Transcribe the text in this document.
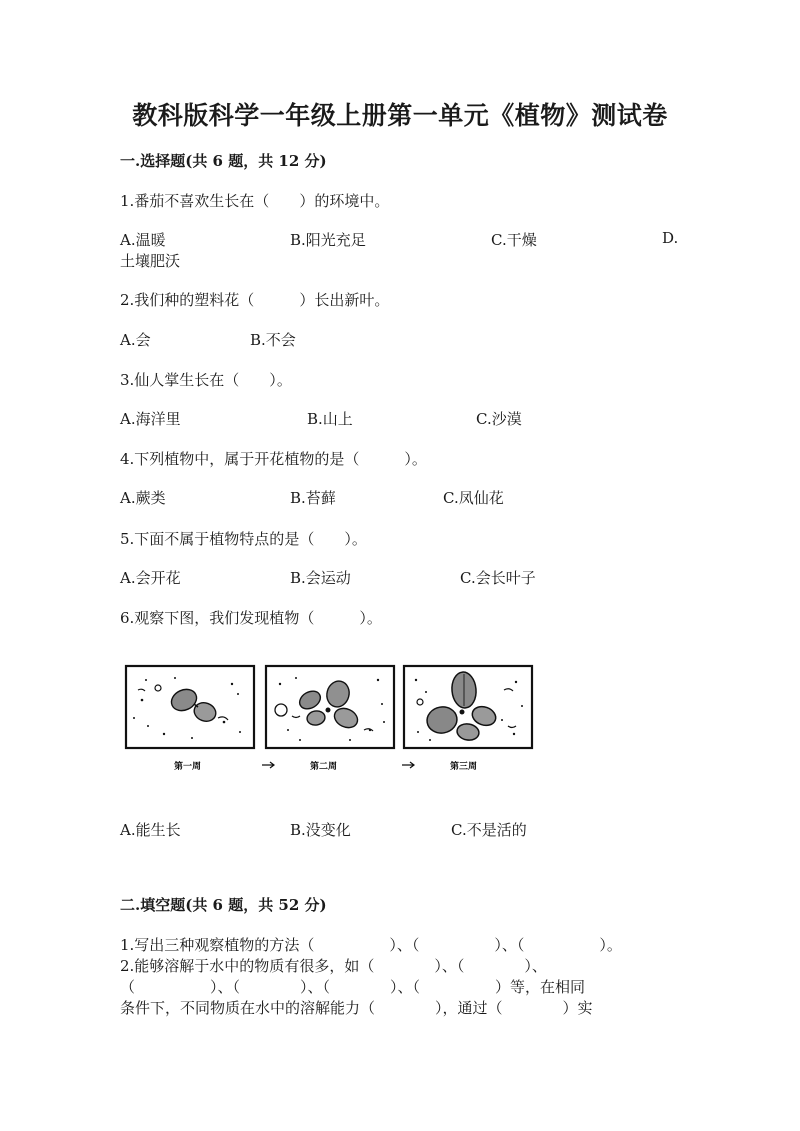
教科版科学一年级上册第一单元《植物》测试卷
一.选择题(共 6 题，共 12 分)
1.番茄不喜欢生长在（　　）的环境中。
A.温暖	B.阳光充足	C.干燥	D.
土壤肥沃
2.我们种的塑料花（　　　）长出新叶。
A.会	B.不会
3.仙人掌生长在（　　）。
A.海洋里	B.山上	C.沙漠
4.下列植物中，属于开花植物的是（　　　）。
A.蕨类	B.苔藓	C.凤仙花
5.下面不属于植物特点的是（　　）。
A.会开花	B.会运动	C.会长叶子
6.观察下图，我们发现植物（　　　）。
第一周	第二周	第三周
A.能生长	B.没变化	C.不是活的
二.填空题(共 6 题，共 52 分)
1.写出三种观察植物的方法（　　　　　）、（　　　　　）、（　　　　　）。
2.能够溶解于水中的物质有很多，如（　　　　）、（　　　　）、
（　　　　　）、（　　　　）、（　　　　）、（　　　　　）等，在相同
条件下，不同物质在水中的溶解能力（　　　　），通过（　　　　）实
